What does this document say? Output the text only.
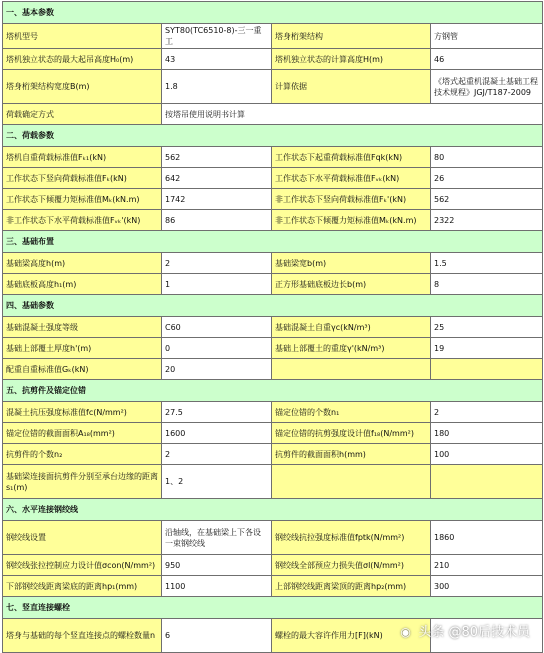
一、基本参数			
塔机型号	SYT80(TC6510-8)-三一重工	塔身桁架结构	方钢管
塔机独立状态的最大起吊高度H₀(m)	43	塔机独立状态的计算高度H(m)	46
塔身桁架结构宽度B(m)	1.8	计算依据	《塔式起重机混凝土基础工程技术规程》JGJ/T187-2009
荷载确定方式	按塔吊使用说明书计算		
二、荷载参数			
塔机自重荷载标准值Fₖ₁(kN)	562	工作状态下起重荷载标准值Fqk(kN)	80
工作状态下竖向荷载标准值Fₖ(kN)	642	工作状态下水平荷载标准值Fᵥₖ(kN)	26
工作状态下倾覆力矩标准值Mₖ(kN.m)	1742	非工作状态下竖向荷载标准值Fₖ'(kN)	562
非工作状态下水平荷载标准值Fᵥₖ'(kN)	86	非工作状态下倾覆力矩标准值Mₖ(kN.m)	2322
三、基础布置			
基础梁高度h(m)	2	基础梁宽b(m)	1.5
基础底板高度h₁(m)	1	正方形基础底板边长b(m)	8
四、基础参数			
基础混凝土强度等级	C60	基础混凝土自重γc(kN/m³)	25
基础上部覆土厚度h'(m)	0	基础上部覆土的重度γ'(kN/m³)	19
配重自重标准值Gₖ(kN)	20		
五、抗剪件及锚定位错			
混凝土抗压强度标准值fc(N/mm²)	27.5	锚定位错的个数n₁	2
锚定位错的截面面积A₁₈(mm²)	1600	锚定位错的抗剪强度设计值f₁₈(N/mm²)	180
抗剪件的个数n₂	2	抗剪件的截面面积h(mm)	100
基础梁连接面抗剪件分别至承台边缘的距离s₁(m)	1、2		
六、水平连接钢绞线			
钢绞线设置	沿轴线，在基础梁上下各设一束钢绞线	钢绞线抗拉强度标准值fptk(N/mm²)	1860
钢绞线张拉控制应力设计值σcon(N/mm²)	950	钢绞线全部预应力损失值σl(N/mm²)	210
下部钢绞线距离梁底的距离hp₁(mm)	1100	上部钢绞线距离梁顶的距离hp₂(mm)	300
七、竖直连接螺栓			
塔身与基础的每个竖直连接点的螺栓数量n	6	螺栓的最大容许作用力[F](kN)	◉ 头条 @80后技术员
